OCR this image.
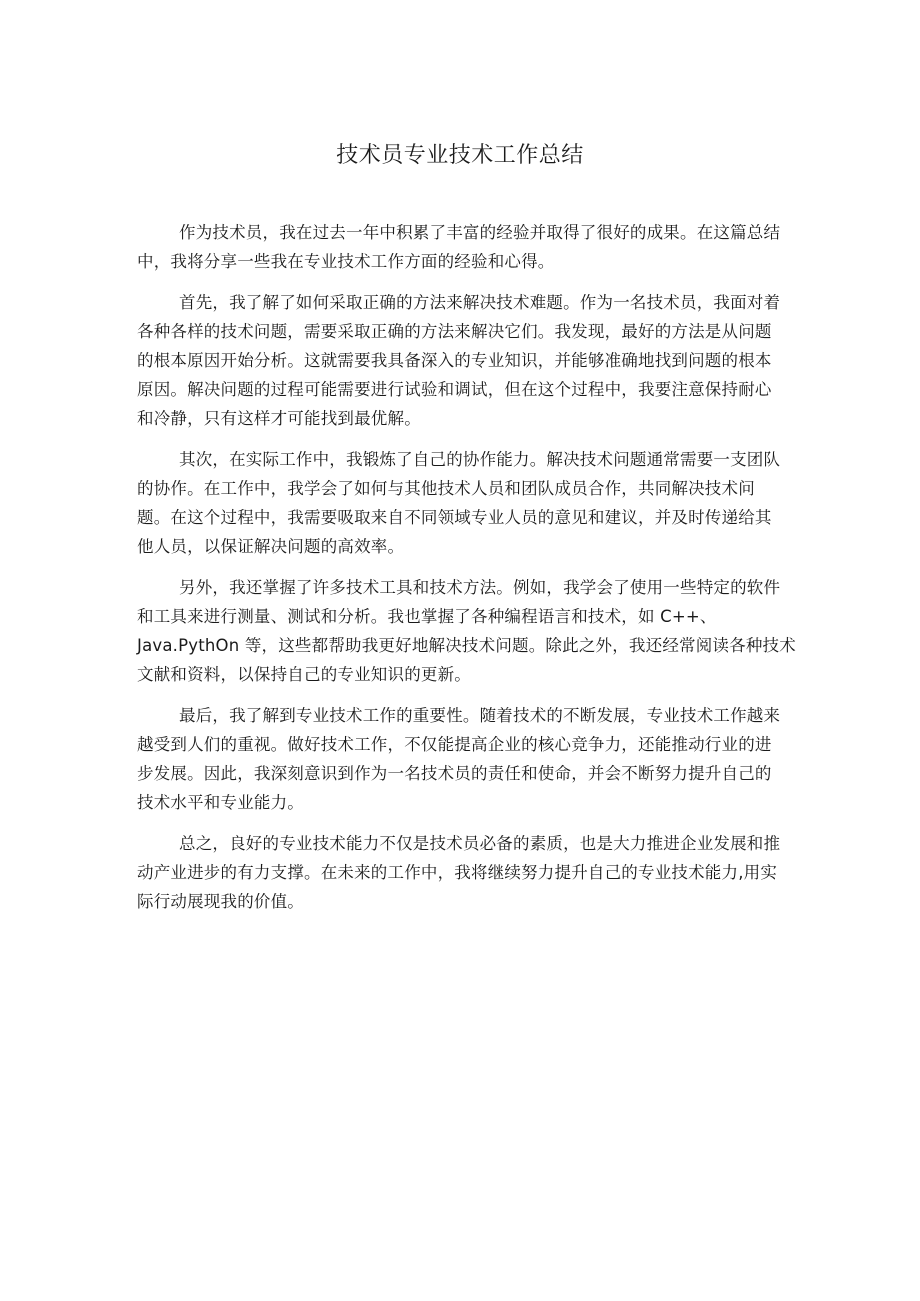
技术员专业技术工作总结

作为技术员，我在过去一年中积累了丰富的经验并取得了很好的成果。在这篇总结
中，我将分享一些我在专业技术工作方面的经验和心得。

首先，我了解了如何采取正确的方法来解决技术难题。作为一名技术员，我面对着
各种各样的技术问题，需要采取正确的方法来解决它们。我发现，最好的方法是从问题
的根本原因开始分析。这就需要我具备深入的专业知识，并能够准确地找到问题的根本
原因。解决问题的过程可能需要进行试验和调试，但在这个过程中，我要注意保持耐心
和冷静，只有这样才可能找到最优解。

其次，在实际工作中，我锻炼了自己的协作能力。解决技术问题通常需要一支团队
的协作。在工作中，我学会了如何与其他技术人员和团队成员合作，共同解决技术问
题。在这个过程中，我需要吸取来自不同领域专业人员的意见和建议，并及时传递给其
他人员，以保证解决问题的高效率。

另外，我还掌握了许多技术工具和技术方法。例如，我学会了使用一些特定的软件
和工具来进行测量、测试和分析。我也掌握了各种编程语言和技术，如 C++、
Java.PythOn 等，这些都帮助我更好地解决技术问题。除此之外，我还经常阅读各种技术
文献和资料，以保持自己的专业知识的更新。

最后，我了解到专业技术工作的重要性。随着技术的不断发展，专业技术工作越来
越受到人们的重视。做好技术工作，不仅能提高企业的核心竞争力，还能推动行业的进
步发展。因此，我深刻意识到作为一名技术员的责任和使命，并会不断努力提升自己的
技术水平和专业能力。

总之，良好的专业技术能力不仅是技术员必备的素质，也是大力推进企业发展和推
动产业进步的有力支撑。在未来的工作中，我将继续努力提升自己的专业技术能力,用实
际行动展现我的价值。
